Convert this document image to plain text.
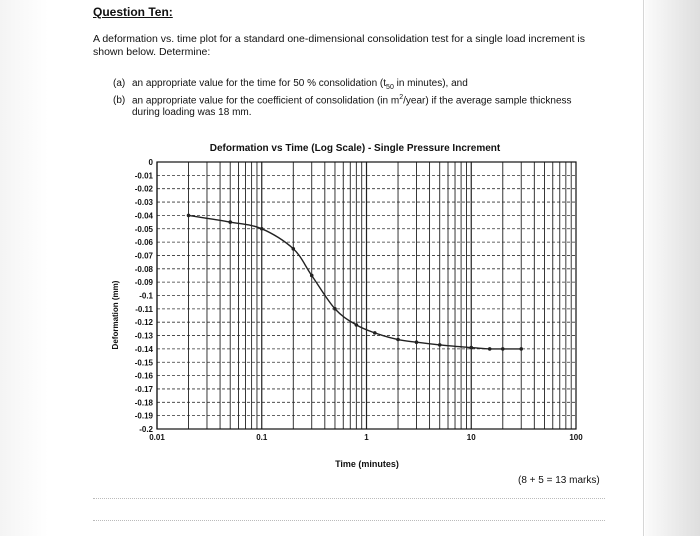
Question Ten:
A deformation vs. time plot for a standard one-dimensional consolidation test for a single load increment is shown below. Determine:
(a) an appropriate value for the time for 50 % consolidation ($t_{50}$ in minutes), and
(b) an appropriate value for the coefficient of consolidation (in $m^2/year$) if the average sample thickness
during loading was 18 mm.
Deformation vs Time (Log Scale) - Single Pressure Increment
0
-0.01
-0.02
-0.03
-0.04
-0.05
-0.06
-0.07
-0.08
-0.09
-0.1
-0.11
-0.12
-0.13
-0.14
-0.15
-0.16
-0.17
-0.18
-0.19
-0.2
0.01	0.1	1	10	100
Time (minutes)
Deformation (mm)
(8 + 5 = 13 marks)
